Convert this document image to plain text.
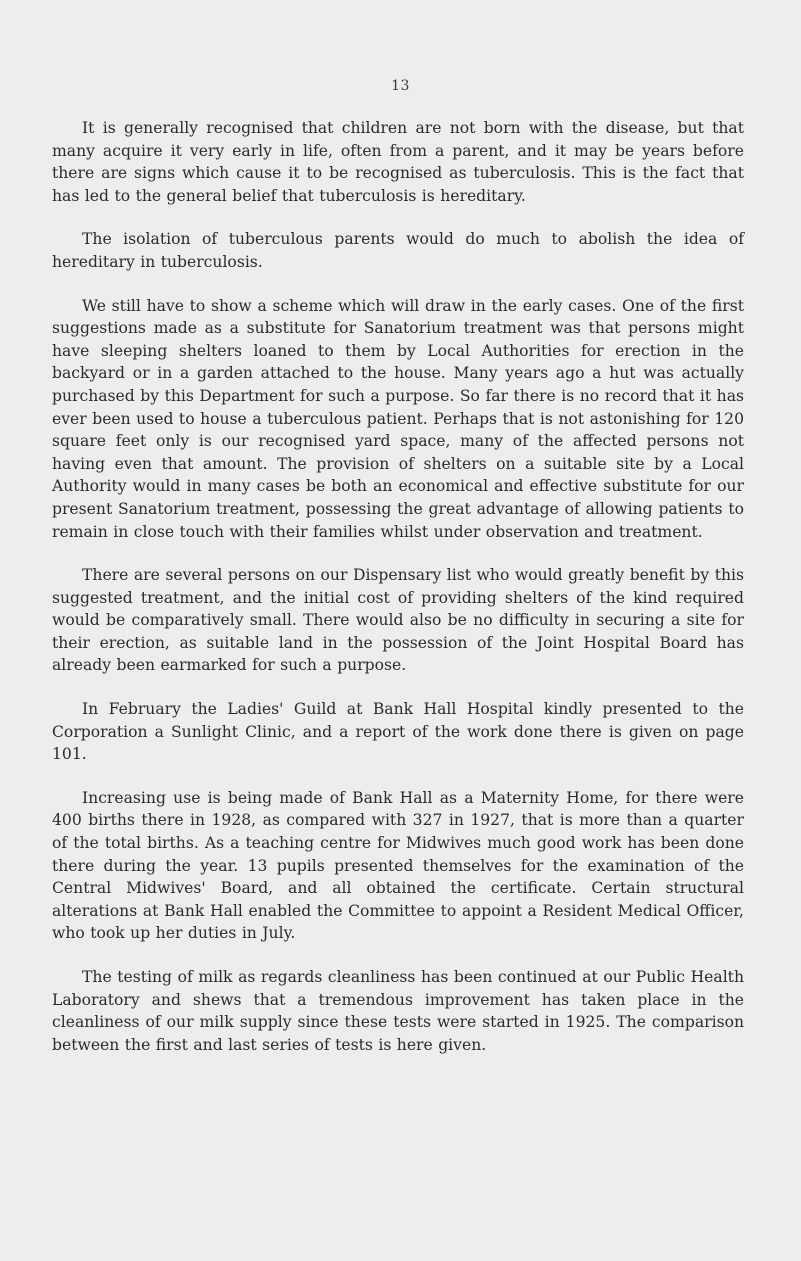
13

It is generally recognised that children are not born with the disease, but that many acquire it very early in life, often from a parent, and it may be years before there are signs which cause it to be recognised as tuberculosis. This is the fact that has led to the general belief that tuberculosis is hereditary.

The isolation of tuberculous parents would do much to abolish the idea of hereditary in tuberculosis.

We still have to show a scheme which will draw in the early cases. One of the first suggestions made as a substitute for Sanatorium treatment was that persons might have sleeping shelters loaned to them by Local Authorities for erection in the backyard or in a garden attached to the house. Many years ago a hut was actually purchased by this Department for such a purpose. So far there is no record that it has ever been used to house a tuberculous patient. Perhaps that is not astonishing for 120 square feet only is our recognised yard space, many of the affected persons not having even that amount. The provision of shelters on a suitable site by a Local Authority would in many cases be both an economical and effective substitute for our present Sanatorium treatment, possessing the great advantage of allowing patients to remain in close touch with their families whilst under observation and treatment.

There are several persons on our Dispensary list who would greatly benefit by this suggested treatment, and the initial cost of providing shelters of the kind required would be comparatively small. There would also be no difficulty in securing a site for their erection, as suitable land in the possession of the Joint Hospital Board has already been earmarked for such a purpose.

In February the Ladies' Guild at Bank Hall Hospital kindly presented to the Corporation a Sunlight Clinic, and a report of the work done there is given on page 101.

Increasing use is being made of Bank Hall as a Maternity Home, for there were 400 births there in 1928, as compared with 327 in 1927, that is more than a quarter of the total births. As a teaching centre for Midwives much good work has been done there during the year. 13 pupils presented themselves for the examination of the Central Midwives' Board, and all obtained the certificate. Certain structural alterations at Bank Hall enabled the Committee to appoint a Resident Medical Officer, who took up her duties in July.

The testing of milk as regards cleanliness has been continued at our Public Health Laboratory and shews that a tremendous improvement has taken place in the cleanliness of our milk supply since these tests were started in 1925. The comparison between the first and last series of tests is here given.
